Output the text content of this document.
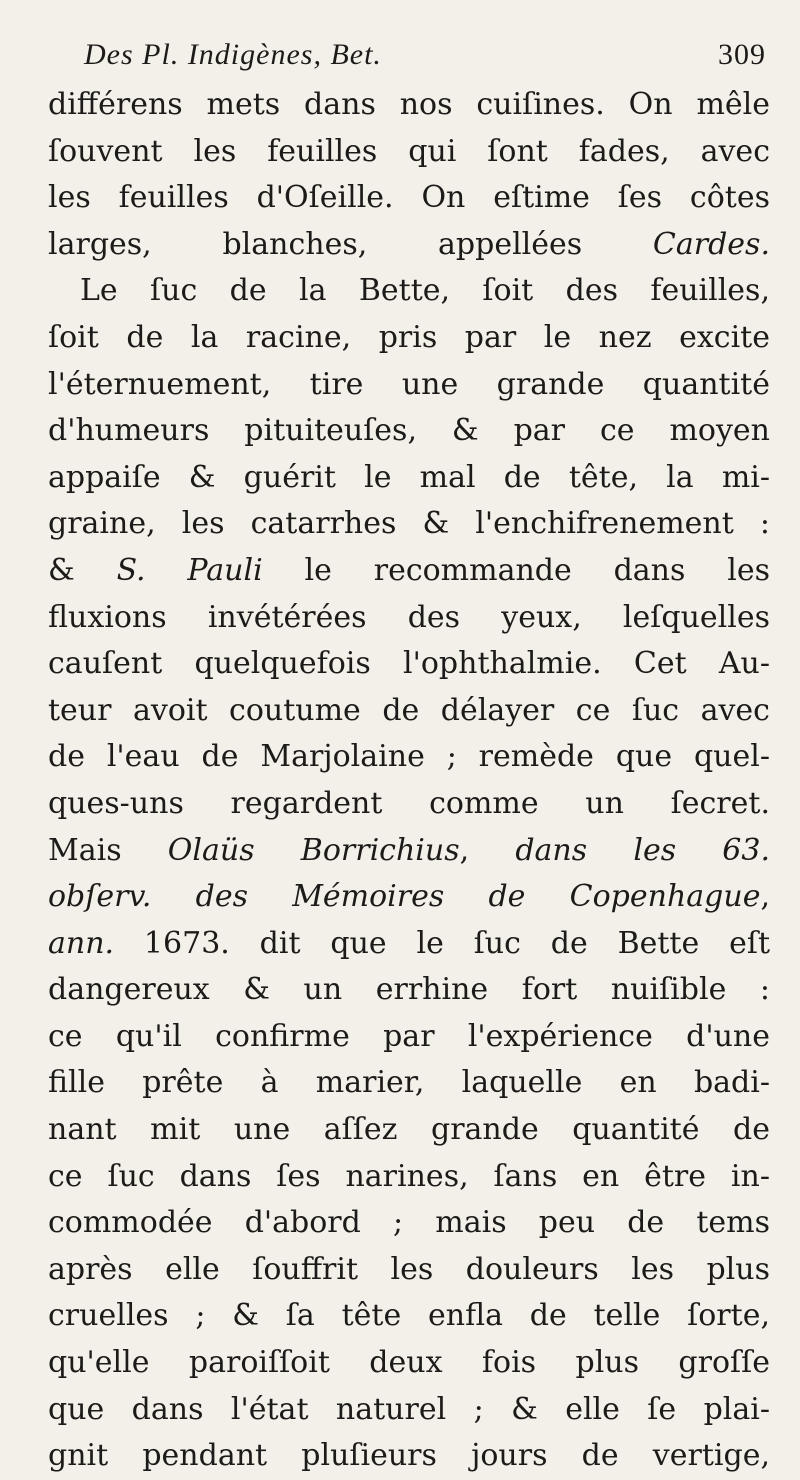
Des Pl. Indigènes, Bet.	309
différens mets dans nos cuiſines. On mêle
ſouvent les feuilles qui ſont fades, avec
les feuilles d'Oſeille. On eſtime ſes côtes
larges, blanches, appellées Cardes.
Le ſuc de la Bette, ſoit des feuilles,
ſoit de la racine, pris par le nez excite
l'éternuement, tire une grande quantité
d'humeurs pituiteuſes, & par ce moyen
appaiſe & guérit le mal de tête, la mi-
graine, les catarrhes & l'enchifrenement :
& S. Pauli le recommande dans les
fluxions invétérées des yeux, leſquelles
cauſent quelquefois l'ophthalmie. Cet Au-
teur avoit coutume de délayer ce ſuc avec
de l'eau de Marjolaine ; remède que quel-
ques-uns regardent comme un ſecret.
Mais Olaüs Borrichius, dans les 63.
obſerv. des Mémoires de Copenhague,
ann. 1673. dit que le ſuc de Bette eſt
dangereux & un errhine fort nuiſible :
ce qu'il confirme par l'expérience d'une
fille prête à marier, laquelle en badi-
nant mit une aſſez grande quantité de
ce ſuc dans ſes narines, ſans en être in-
commodée d'abord ; mais peu de tems
après elle ſouffrit les douleurs les plus
cruelles ; & ſa tête enfla de telle ſorte,
qu'elle paroiſſoit deux fois plus groſſe
que dans l'état naturel ; & elle ſe plai-
gnit pendant pluſieurs jours de vertige,
